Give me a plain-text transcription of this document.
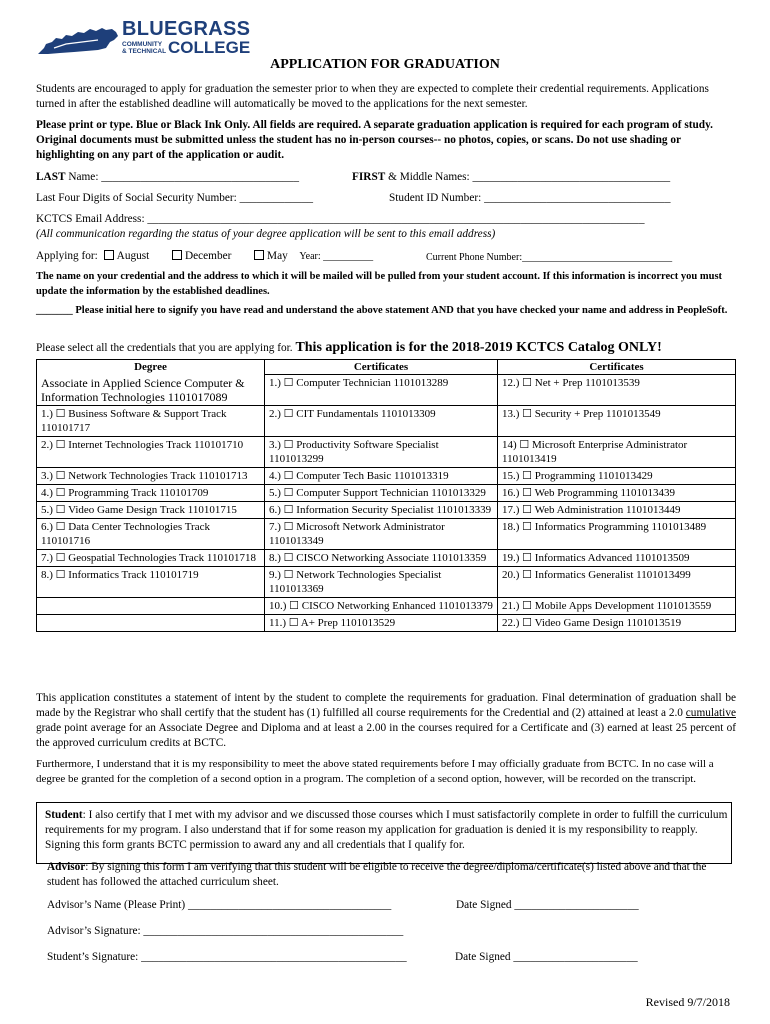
BLUEGRASS
COMMUNITY
& TECHNICAL COLLEGE
APPLICATION FOR GRADUATION
Students are encouraged to apply for graduation the semester prior to when they are expected to complete their credential requirements. Applications turned in after the established deadline will automatically be moved to the applications for the next semester.
Please print or type. Blue or Black Ink Only. All fields are required. A separate graduation application is required for each program of study. Original documents must be submitted unless the student has no in-person courses-- no photos, copies, or scans. Do not use shading or highlighting on any part of the application or audit.
LAST Name: ___________________________________	FIRST & Middle Names: ___________________________________
Last Four Digits of Social Security Number: _____________	Student ID Number: _________________________________
KCTCS Email Address: ________________________________________________________________________________________
(All communication regarding the status of your degree application will be sent to this email address)
Applying for: August	December	May Year: __________	Current Phone Number:______________________________
The name on your credential and the address to which it will be mailed will be pulled from your student account. If this information is incorrect you must update the information by the established deadlines.
_______ Please initial here to signify you have read and understand the above statement AND that you have checked your name and address in PeopleSoft.
Please select all the credentials that you are applying for. This application is for the 2018-2019 KCTCS Catalog ONLY!
Degree	Certificates	Certificates
Associate in Applied Science Computer & Information Technologies 1101017089	1.) ☐ Computer Technician 1101013289	12.) ☐ Net + Prep 1101013539
1.) ☐ Business Software & Support Track 110101717	2.) ☐ CIT Fundamentals 1101013309	13.) ☐ Security + Prep 1101013549
2.) ☐ Internet Technologies Track 110101710	3.) ☐ Productivity Software Specialist 1101013299	14) ☐ Microsoft Enterprise Administrator 1101013419
3.) ☐ Network Technologies Track 110101713	4.) ☐ Computer Tech Basic 1101013319	15.) ☐ Programming 1101013429
4.) ☐ Programming Track 110101709	5.) ☐ Computer Support Technician 1101013329	16.) ☐ Web Programming 1101013439
5.) ☐ Video Game Design Track 110101715	6.) ☐ Information Security Specialist 1101013339	17.) ☐ Web Administration 1101013449
6.) ☐ Data Center Technologies Track 110101716	7.) ☐ Microsoft Network Administrator 1101013349	18.) ☐ Informatics Programming 1101013489
7.) ☐ Geospatial Technologies Track 110101718	8.) ☐ CISCO Networking Associate 1101013359	19.) ☐ Informatics Advanced 1101013509
8.) ☐ Informatics Track 110101719	9.) ☐ Network Technologies Specialist 1101013369	20.) ☐ Informatics Generalist 1101013499
	10.) ☐ CISCO Networking Enhanced 1101013379	21.) ☐ Mobile Apps Development 1101013559
	11.) ☐ A+ Prep 1101013529	22.) ☐ Video Game Design 1101013519
This application constitutes a statement of intent by the student to complete the requirements for graduation. Final determination of graduation shall be made by the Registrar who shall certify that the student has (1) fulfilled all course requirements for the Credential and (2) attained at least a 2.0 cumulative grade point average for an Associate Degree and Diploma and at least a 2.00 in the courses required for a Certificate and (3) earned at least 25 percent of the approved curriculum credits at BCTC.
Furthermore, I understand that it is my responsibility to meet the above stated requirements before I may officially graduate from BCTC. In no case will a degree be granted for the completion of a second option in a program. The completion of a second option, however, will be recorded on the transcript.
Student: I also certify that I met with my advisor and we discussed those courses which I must satisfactorily complete in order to fulfill the curriculum requirements for my program. I also understand that if for some reason my application for graduation is denied it is my responsibility to reapply. Signing this form grants BCTC permission to award any and all credentials that I qualify for.
Advisor: By signing this form I am verifying that this student will be eligible to receive the degree/diploma/certificate(s) listed above and that the student has followed the attached curriculum sheet.
Advisor’s Name (Please Print) ____________________________________	Date Signed ______________________
Advisor’s Signature: ______________________________________________
Student’s Signature: _______________________________________________	Date Signed ______________________
Revised 9/7/2018
